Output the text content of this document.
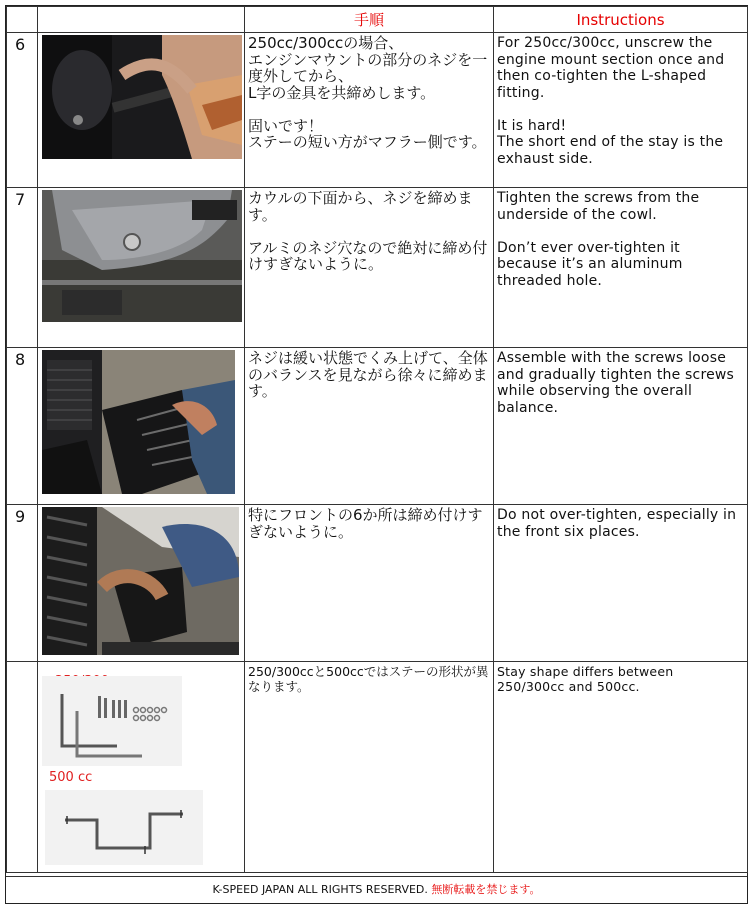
		手順	Instructions
6		250cc/300ccの場合、
エンジンマウントの部分のネジを一度外してから、
L字の金具を共締めします。

固いです！
ステーの短い方がマフラー側です。	For 250cc/300cc, unscrew the engine mount section once and then co-tighten the L-shaped fitting.

It is hard!
The short end of the stay is the exhaust side.
7		カウルの下面から、ネジを締めます。

アルミのネジ穴なので絶対に締め付けすぎないように。	Tighten the screws from the underside of the cowl.

Don’t ever over-tighten it because it’s an aluminum threaded hole.
8		ネジは緩い状態でくみ上げて、全体のバランスを見ながら徐々に締めます。	Assemble with the screws loose and gradually tighten the screws while observing the overall balance.
9		特にフロントの6か所は締め付けすぎないように。	Do not over-tighten, especially in the front six places.

	500 cc	250/300ccと500ccではステーの形状が異なります。	Stay shape differs between 250/300cc and 500cc.
K-SPEED JAPAN ALL RIGHTS RESERVED. 無断転載を禁じます。
